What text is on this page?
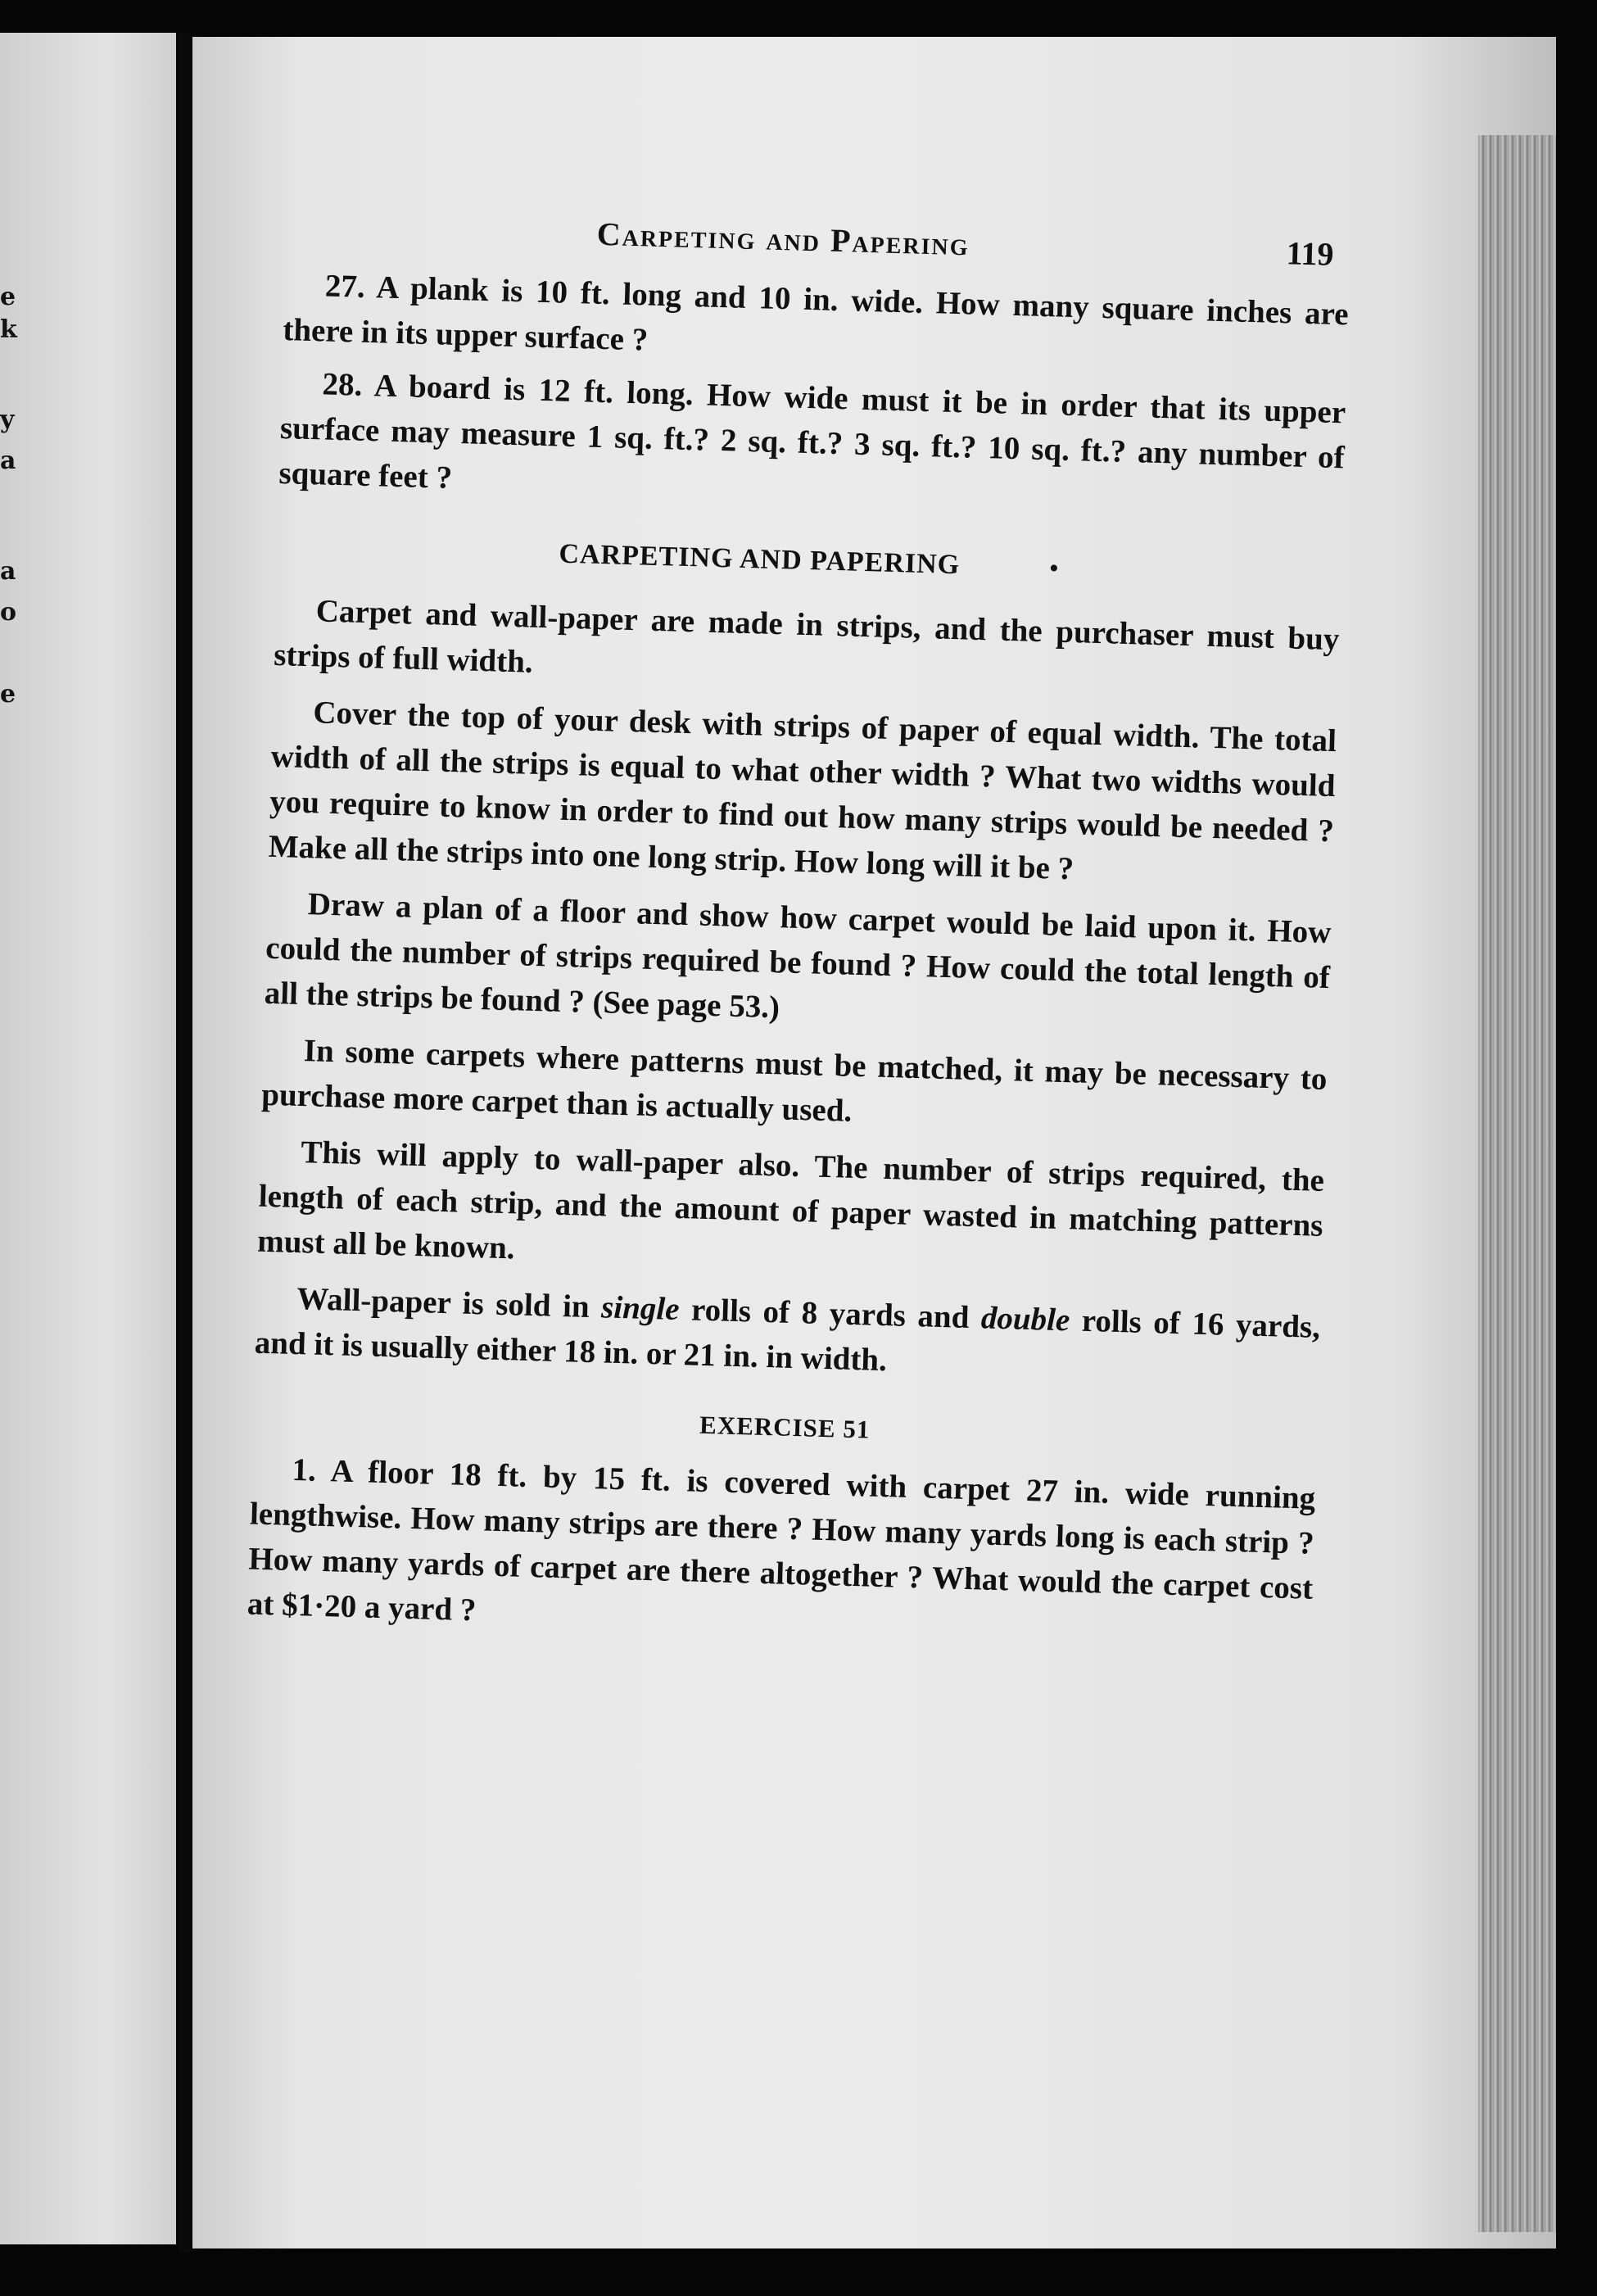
e
k
y
a
a
o
e
Carpeting and Papering	119

27. A plank is 10 ft. long and 10 in. wide. How many square inches are there in its upper surface ?

28. A board is 12 ft. long. How wide must it be in order that its upper surface may measure 1 sq. ft.? 2 sq. ft.? 3 sq. ft.? 10 sq. ft.? any number of square feet ?

CARPETING AND PAPERING	•

Carpet and wall-paper are made in strips, and the purchaser must buy strips of full width.

Cover the top of your desk with strips of paper of equal width. The total width of all the strips is equal to what other width ? What two widths would you require to know in order to find out how many strips would be needed ? Make all the strips into one long strip. How long will it be ?

Draw a plan of a floor and show how carpet would be laid upon it. How could the number of strips required be found ? How could the total length of all the strips be found ? (See page 53.)

In some carpets where patterns must be matched, it may be necessary to purchase more carpet than is actually used.

This will apply to wall-paper also. The number of strips required, the length of each strip, and the amount of paper wasted in matching patterns must all be known.

Wall-paper is sold in single rolls of 8 yards and double rolls of 16 yards, and it is usually either 18 in. or 21 in. in width.

EXERCISE 51

1. A floor 18 ft. by 15 ft. is covered with carpet 27 in. wide running lengthwise. How many strips are there ? How many yards long is each strip ? How many yards of carpet are there altogether ? What would the carpet cost at $1·20 a yard ?
